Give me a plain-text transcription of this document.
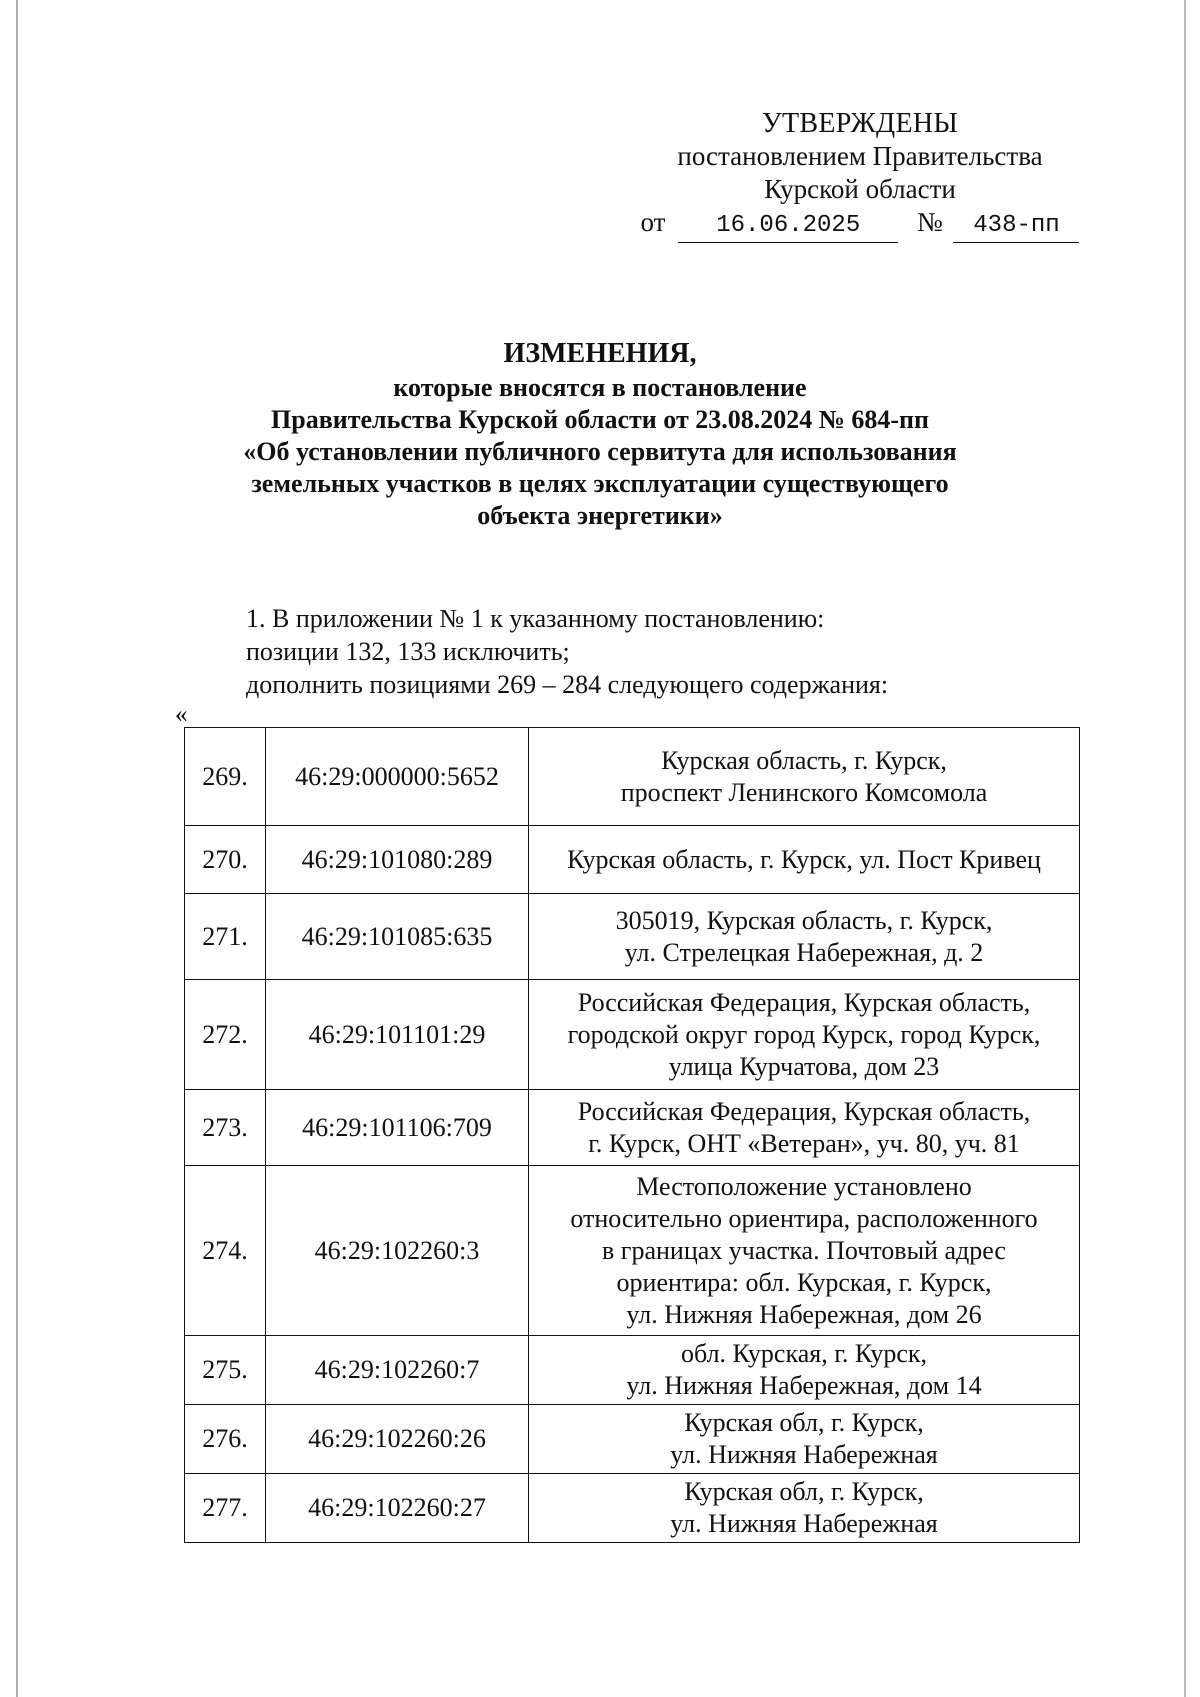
УТВЕРЖДЕНЫ
постановлением Правительства
Курской области
от 16.06.2025 № 438-пп
ИЗМЕНЕНИЯ,
которые вносятся в постановление
Правительства Курской области от 23.08.2024 № 684-пп
«Об установлении публичного сервитута для использования
земельных участков в целях эксплуатации существующего
объекта энергетики»

1. В приложении № 1 к указанному постановлению:

позиции 132, 133 исключить;

дополнить позициями 269 – 284 следующего содержания:

«
269.	46:29:000000:5652	Курская область, г. Курск,
проспект Ленинского Комсомола

270.	46:29:101080:289	Курская область, г. Курск, ул. Пост Кривец

271.	46:29:101085:635	305019, Курская область, г. Курск,
ул. Стрелецкая Набережная, д. 2

272.	46:29:101101:29	Российская Федерация, Курская область,
городской округ город Курск, город Курск,
улица Курчатова, дом 23

273.	46:29:101106:709	Российская Федерация, Курская область,
г. Курск, ОНТ «Ветеран», уч. 80, уч. 81

274.	46:29:102260:3	Местоположение установлено
относительно ориентира, расположенного
в границах участка. Почтовый адрес
ориентира: обл. Курская, г. Курск,
ул. Нижняя Набережная, дом 26

275.	46:29:102260:7	обл. Курская, г. Курск,
ул. Нижняя Набережная, дом 14

276.	46:29:102260:26	Курская обл, г. Курск,
ул. Нижняя Набережная

277.	46:29:102260:27	Курская обл, г. Курск,
ул. Нижняя Набережная
